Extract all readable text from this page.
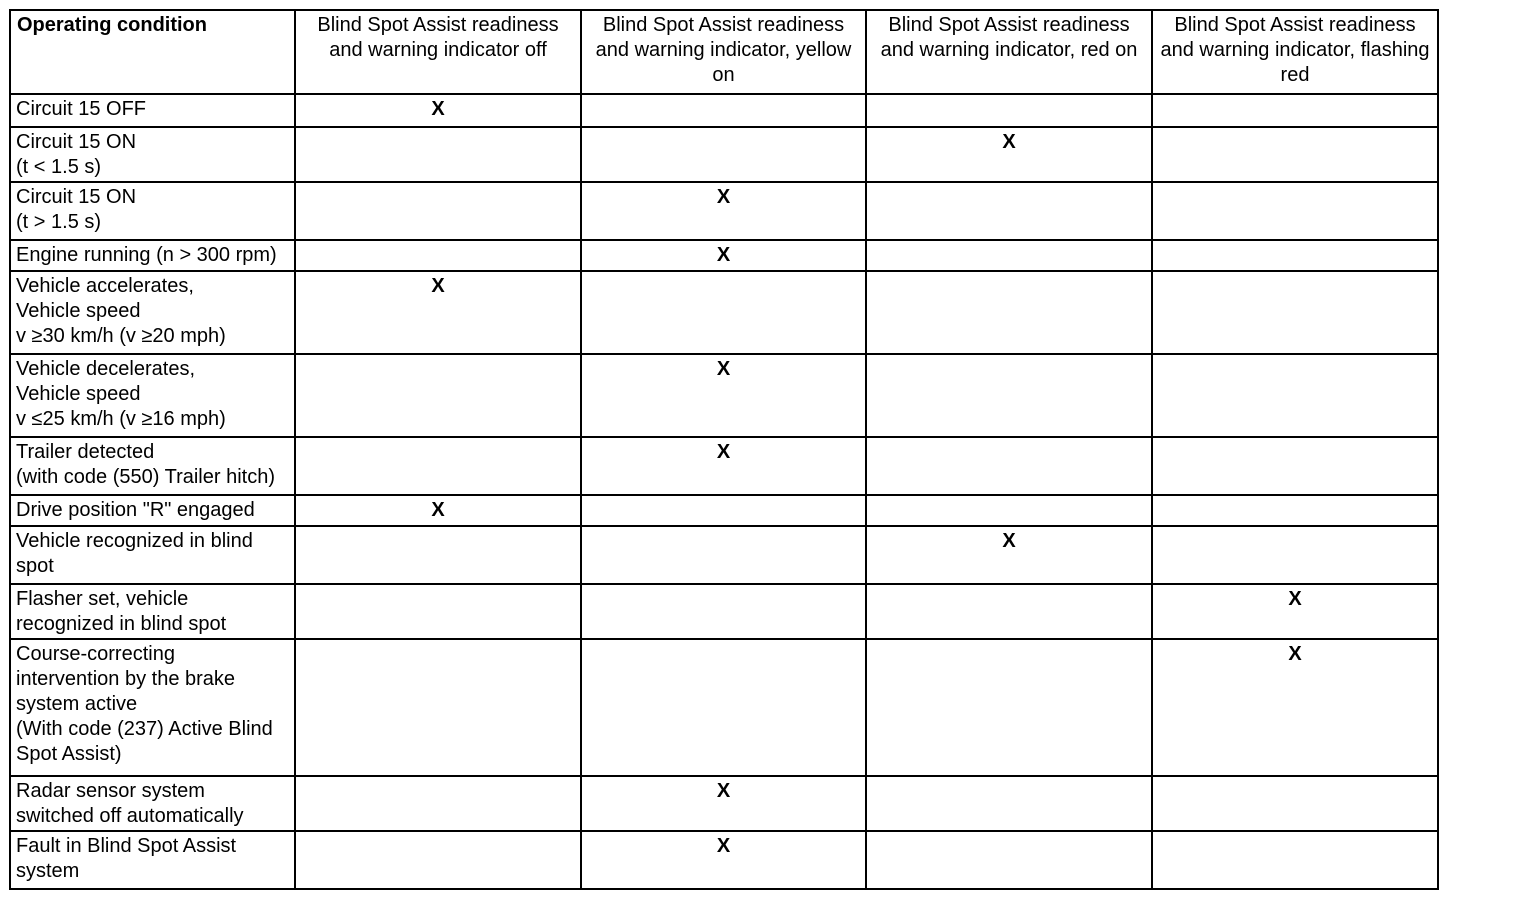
Operating condition	Blind Spot Assist readiness and warning indicator off	Blind Spot Assist readiness and warning indicator, yellow on	Blind Spot Assist readiness and warning indicator, red on	Blind Spot Assist readiness and warning indicator, flashing red
Circuit 15 OFF	X			
Circuit 15 ON
(t < 1.5 s)			X	
Circuit 15 ON
(t > 1.5 s)		X		
Engine running (n > 300 rpm)		X		
Vehicle accelerates,
Vehicle speed
v ≥30 km/h (v ≥20 mph)	X			
Vehicle decelerates,
Vehicle speed
v ≤25 km/h (v ≥16 mph)		X		
Trailer detected
(with code (550) Trailer hitch)		X		
Drive position "R" engaged	X			
Vehicle recognized in blind
spot			X	
Flasher set, vehicle
recognized in blind spot				X
Course-correcting
intervention by the brake
system active
(With code (237) Active Blind
Spot Assist)				X
Radar sensor system
switched off automatically		X		
Fault in Blind Spot Assist
system		X		
